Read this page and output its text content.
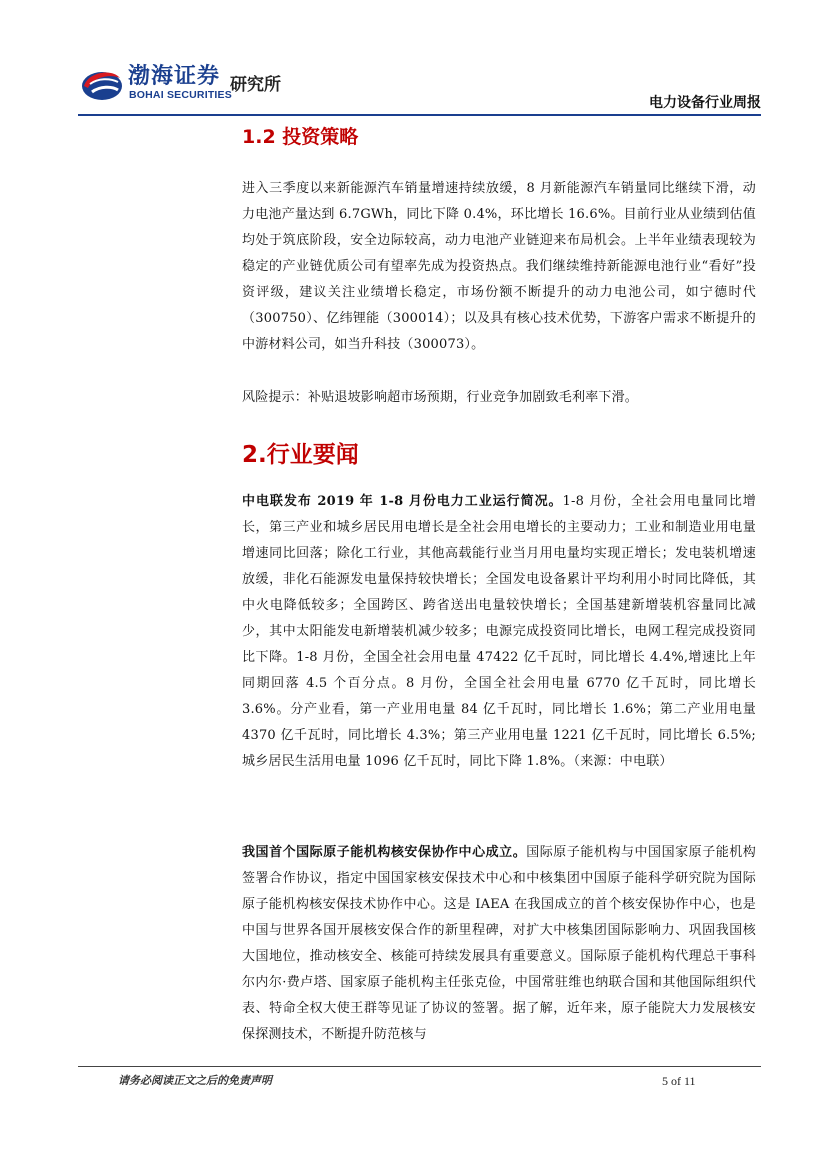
渤海证券
BOHAI SECURITIES
研究所
电力设备行业周报
1.2 投资策略

进入三季度以来新能源汽车销量增速持续放缓，8 月新能源汽车销量同比继续下滑，动力电池产量达到 6.7GWh，同比下降 0.4%，环比增长 16.6%。目前行业从业绩到估值均处于筑底阶段，安全边际较高，动力电池产业链迎来布局机会。上半年业绩表现较为稳定的产业链优质公司有望率先成为投资热点。我们继续维持新能源电池行业“看好”投资评级，建议关注业绩增长稳定，市场份额不断提升的动力电池公司，如宁德时代（300750）、亿纬锂能（300014）；以及具有核心技术优势，下游客户需求不断提升的中游材料公司，如当升科技（300073）。

风险提示：补贴退坡影响超市场预期，行业竞争加剧致毛利率下滑。

2.行业要闻

中电联发布 2019 年 1-8 月份电力工业运行简况。1-8 月份，全社会用电量同比增长，第三产业和城乡居民用电增长是全社会用电增长的主要动力；工业和制造业用电量增速同比回落；除化工行业，其他高载能行业当月用电量均实现正增长；发电装机增速放缓，非化石能源发电量保持较快增长；全国发电设备累计平均利用小时同比降低，其中火电降低较多；全国跨区、跨省送出电量较快增长；全国基建新增装机容量同比减少，其中太阳能发电新增装机减少较多；电源完成投资同比增长，电网工程完成投资同比下降。1-8 月份，全国全社会用电量 47422 亿千瓦时，同比增长 4.4%,增速比上年同期回落 4.5 个百分点。8 月份，全国全社会用电量 6770 亿千瓦时，同比增长 3.6%。分产业看，第一产业用电量 84 亿千瓦时，同比增长 1.6%；第二产业用电量 4370 亿千瓦时，同比增长 4.3%；第三产业用电量 1221 亿千瓦时，同比增长 6.5%; 城乡居民生活用电量 1096 亿千瓦时，同比下降 1.8%。（来源：中电联）

我国首个国际原子能机构核安保协作中心成立。国际原子能机构与中国国家原子能机构签署合作协议，指定中国国家核安保技术中心和中核集团中国原子能科学研究院为国际原子能机构核安保技术协作中心。这是 IAEA 在我国成立的首个核安保协作中心，也是中国与世界各国开展核安保合作的新里程碑，对扩大中核集团国际影响力、巩固我国核大国地位，推动核安全、核能可持续发展具有重要意义。国际原子能机构代理总干事科尔内尔·费卢塔、国家原子能机构主任张克俭，中国常驻维也纳联合国和其他国际组织代表、特命全权大使王群等见证了协议的签署。据了解，近年来，原子能院大力发展核安保探测技术，不断提升防范核与

请务必阅读正文之后的免责声明	5 of 11
